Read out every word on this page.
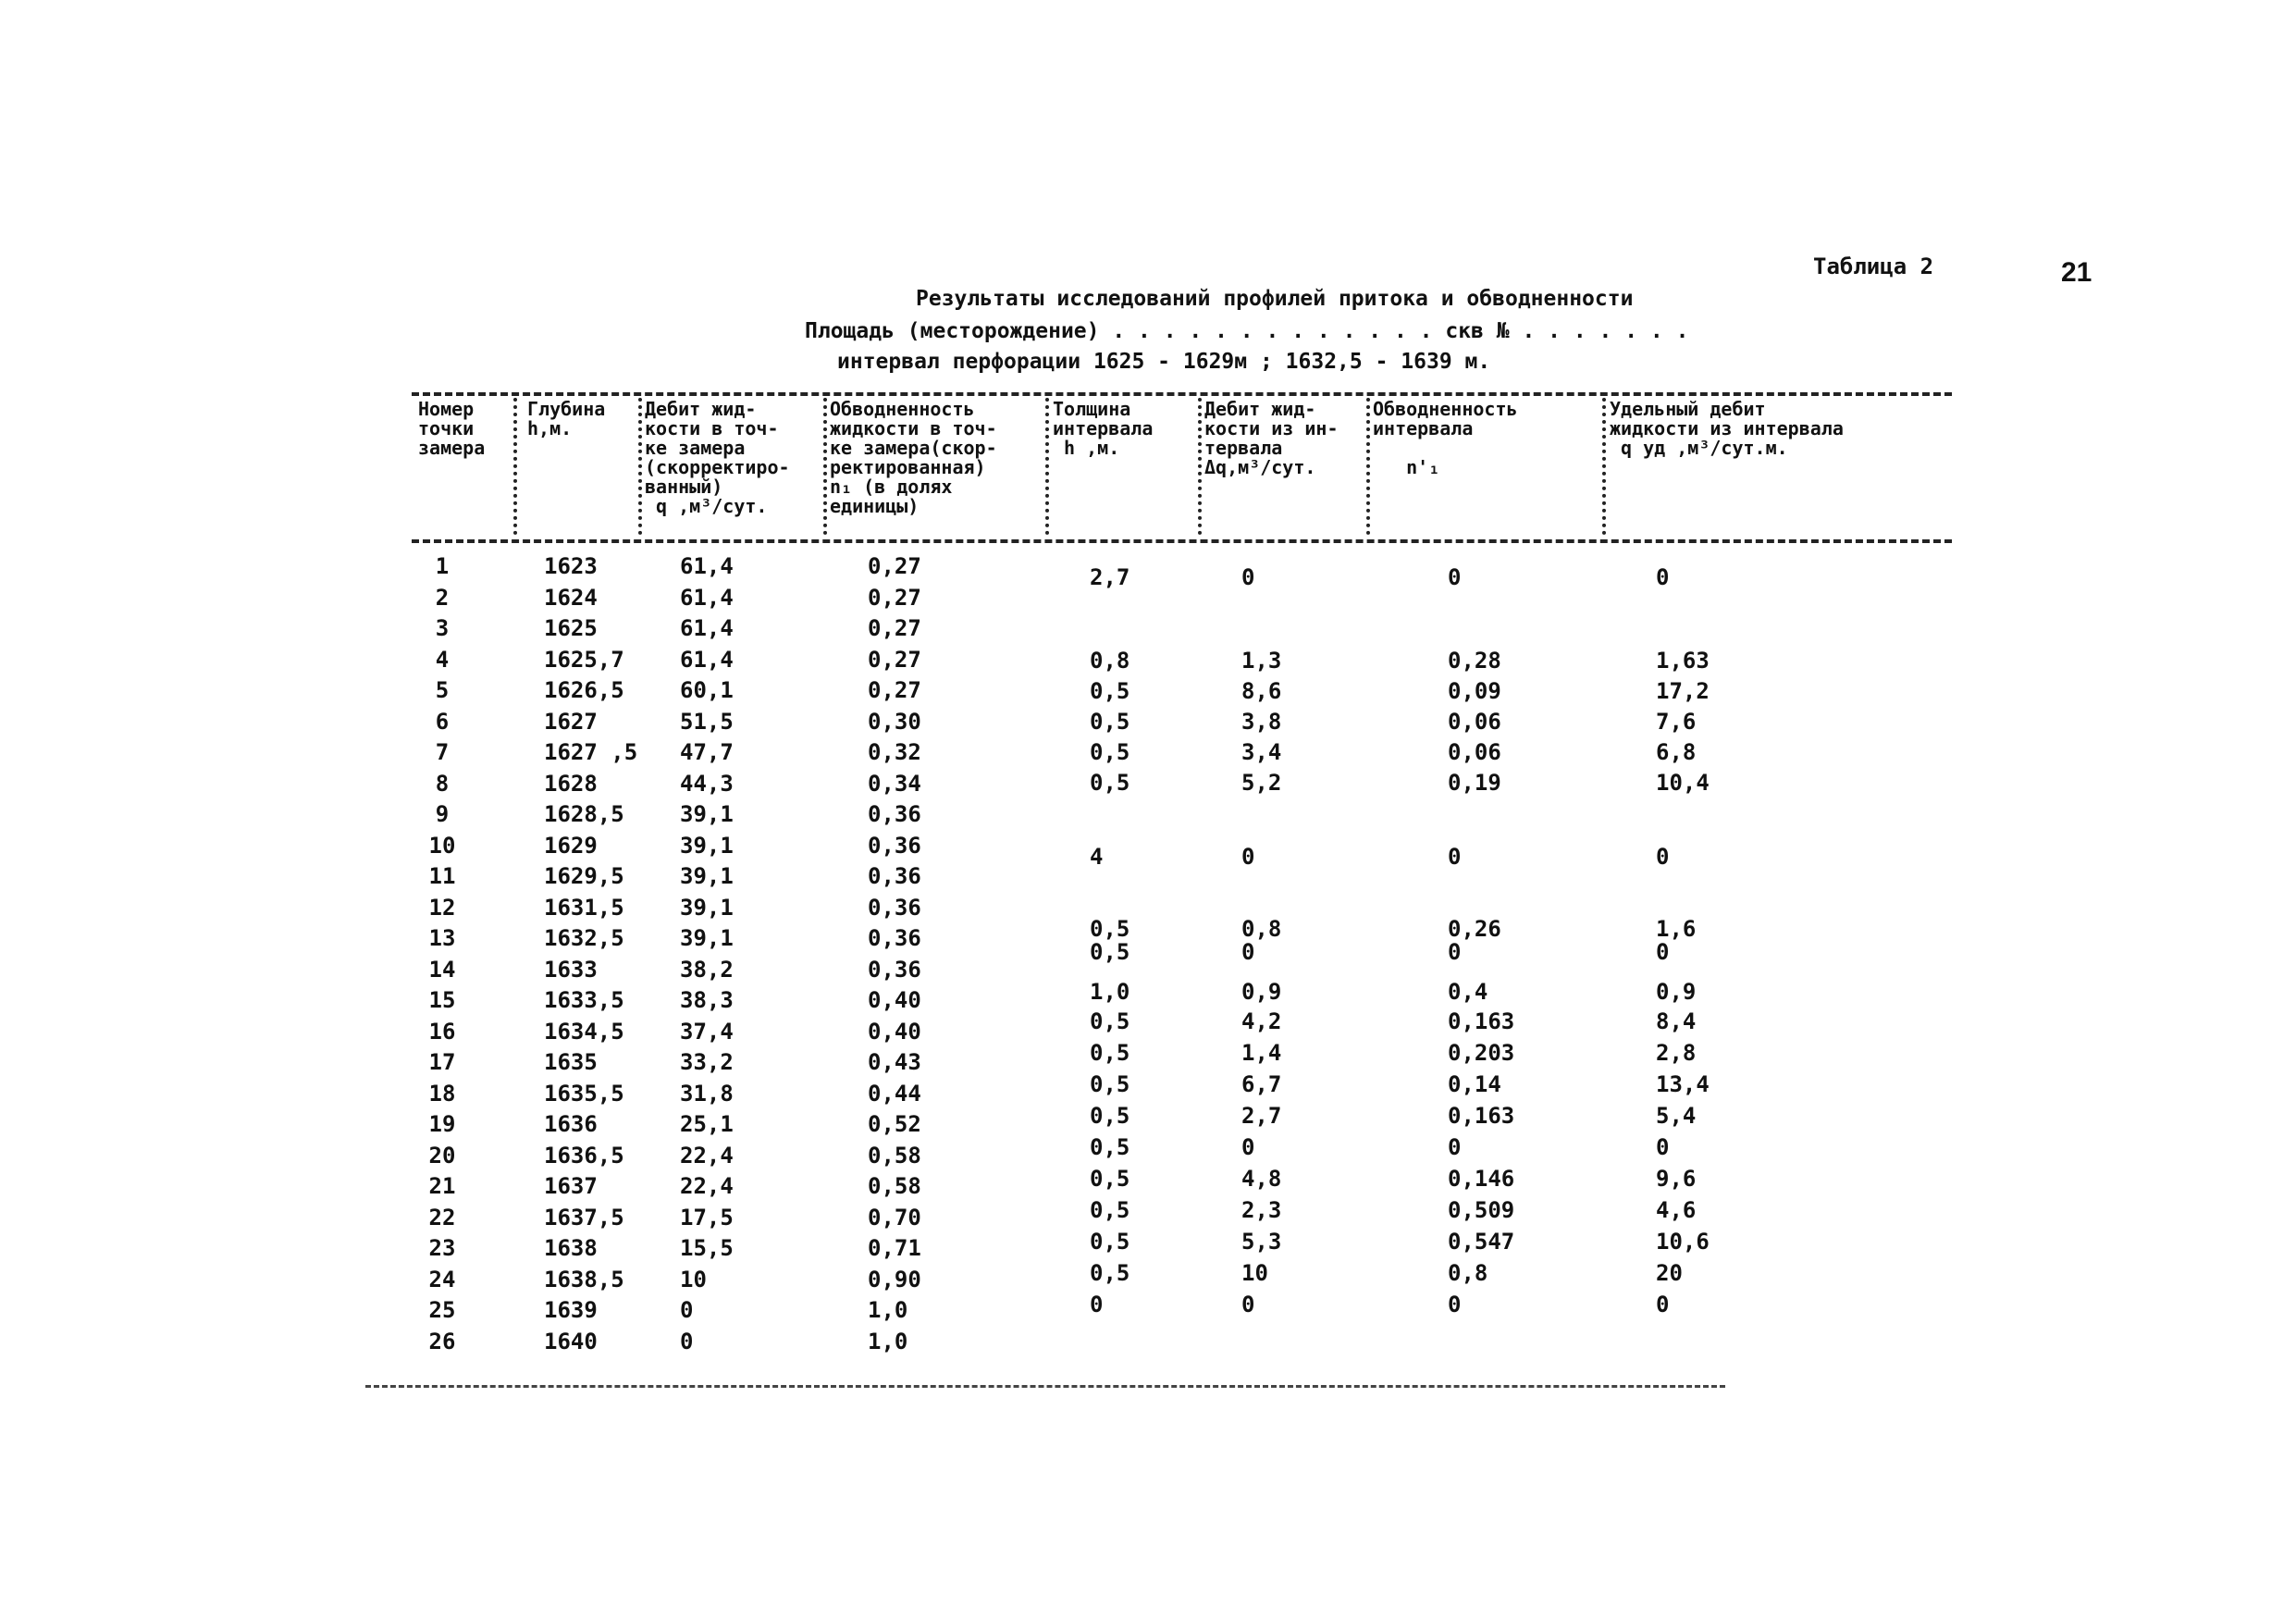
21
Таблица 2
Результаты исследований профилей притока и обводненности
Площадь (месторождение) . . . . . . . . . . . . . скв № . . . . . . .
интервал перфорации 1625 - 1629м ; 1632,5 - 1639 м.
Номер
точки
замера
Глубина
h,м.
Дебит жид-
кости в точ-
ке замера
(скорректиро-
ванный)
q ,м³/сут.
Обводненность
жидкости в точ-
ке замера(скор-
ректированная)
n₁ (в долях
единицы)
Толщина
интервала
h ,м.
Дебит жид-
кости из ин-
тервала
Δq,м³/сут.
Обводненность
интервала

n'₁
Удельный дебит
жидкости из интервала
q уд ,м³/сут.м.
1
2
3
4
5
6
7
8
9
10
11
12
13
14
15
16
17
18
19
20
21
22
23
24
25
26
1623
1624
1625
1625,7
1626,5
1627
1627 ,5
1628
1628,5
1629
1629,5
1631,5
1632,5
1633
1633,5
1634,5
1635
1635,5
1636
1636,5
1637
1637,5
1638
1638,5
1639
1640
61,4
61,4
61,4
61,4
60,1
51,5
47,7
44,3
39,1
39,1
39,1
39,1
39,1
38,2
38,3
37,4
33,2
31,8
25,1
22,4
22,4
17,5
15,5
10
0
0
0,27
0,27
0,27
0,27
0,27
0,30
0,32
0,34
0,36
0,36
0,36
0,36
0,36
0,36
0,40
0,40
0,43
0,44
0,52
0,58
0,58
0,70
0,71
0,90
1,0
1,0
2,7
0,8
0,5
0,5
0,5
0,5
4
0,5
0,5
1,0
0,5
0,5
0,5
0,5
0,5
0,5
0,5
0,5
0,5
0
0
1,3
8,6
3,8
3,4
5,2
0
0,8
0
0,9
4,2
1,4
6,7
2,7
0
4,8
2,3
5,3
10
0
0
0,28
0,09
0,06
0,06
0,19
0
0,26
0
0,4
0,163
0,203
0,14
0,163
0
0,146
0,509
0,547
0,8
0
0
1,63
17,2
7,6
6,8
10,4
0
1,6
0
0,9
8,4
2,8
13,4
5,4
0
9,6
4,6
10,6
20
0
